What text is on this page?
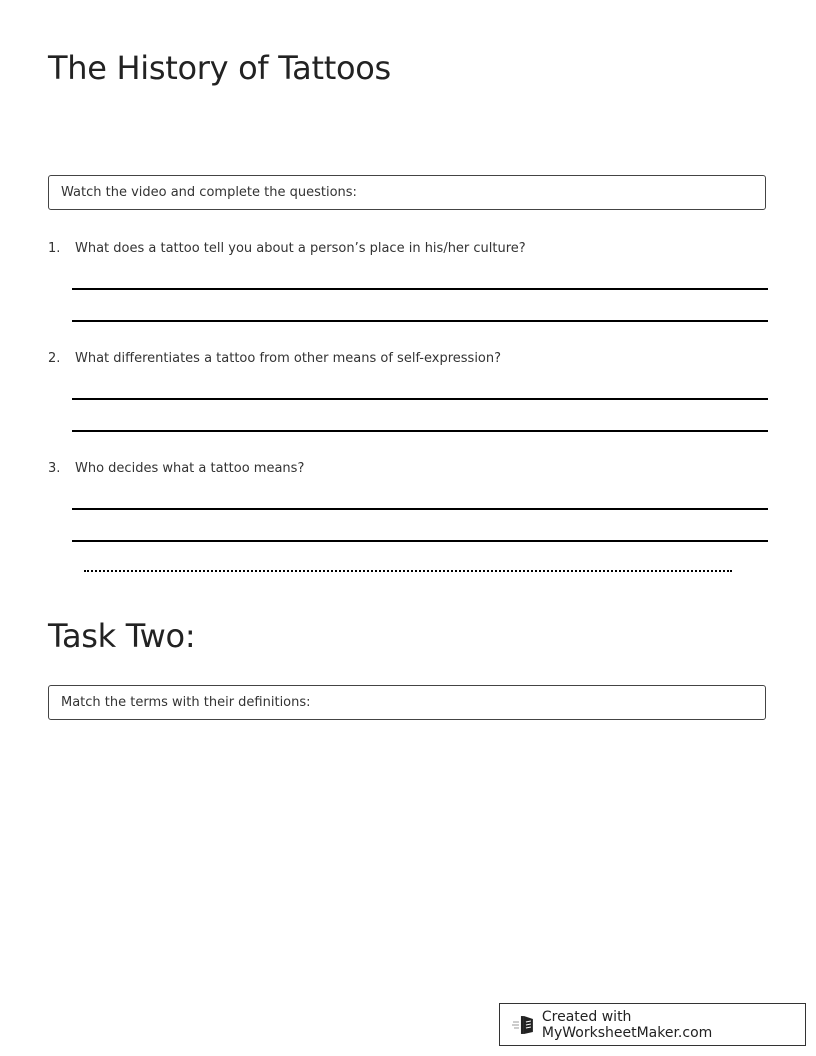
The History of Tattoos
Watch the video and complete the questions:
1. What does a tattoo tell you about a person’s place in his/her culture?
2. What differentiates a tattoo from other means of self-expression?
3. Who decides what a tattoo means?
Task Two:
Match the terms with their definitions:
Created with MyWorksheetMaker.com
